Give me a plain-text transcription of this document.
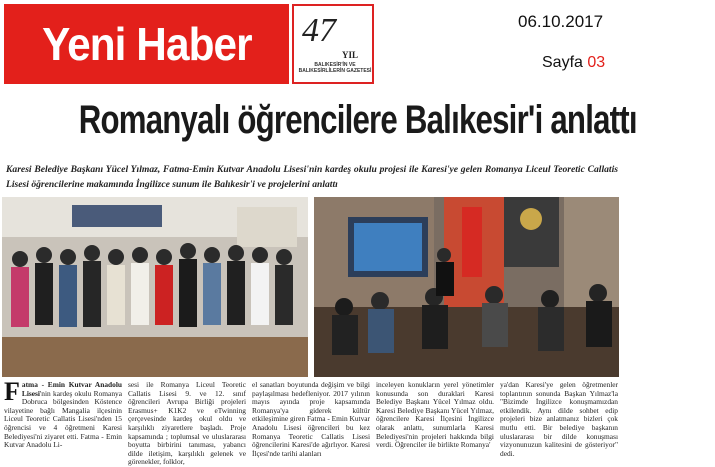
Yeni Haber 47
YIL
BALIKESİR'İN VE BALIKESİRLİLERİN GAZETESİ
06.10.2017
Sayfa 03
Romanyalı öğrencilere Balıkesir'i anlattı
Karesi Belediye Başkanı Yücel Yılmaz, Fatma-Emin Kutvar Anadolu Lisesi'nin kardeş okulu projesi ile Karesi'ye gelen Romanya Liceul Teoretic Callatis Lisesi öğrencilerine makamında İngilizce sunum ile Balıkesir'i ve projelerini anlattı
Fatma - Emin Kutvar Anadolu Lisesi'nin kardeş okulu Romanya Dobruca bölgesinden Köstence vilayetine bağlı Mangalia ilçesinin Liceul Teoretic Callatis Lisesi'nden 15 öğrencisi ve 4 öğretmeni Karesi Belediyesi'ni ziyaret etti. Fatma - Emin Kutvar Anadolu Li-
sesi ile Romanya Liceul Teoretic Callatis Lisesi 9. ve 12. sınıf öğrencileri Avrupa Birliği projeleri Erasmus+ K1K2 ve eTwinning çerçevesinde kardeş okul oldu ve karşılıklı ziyaretlere başladı. Proje kapsamında ; toplumsal ve uluslararası boyutta birbirini tanıması, yabancı dilde iletişim, karşılıklı gelenek ve görenekler, folklor,
el sanatları boyutunda değişim ve bilgi paylaşılması hedefleniyor. 2017 yılının mayıs ayında proje kapsamında Romanya'ya giderek kültür etkileşimine giren Fatma - Emin Kutvar Anadolu Lisesi öğrencileri bu kez Romanya Teoretic Callatis Lisesi öğrencilerini Karesi'de ağırlıyor. Karesi İlçesi'nde tarihi alanları
inceleyen konukların yerel yönetimler konusunda son duraklari Karesi Belediye Başkanı Yücel Yılmaz oldu. Karesi Belediye Başkanı Yücel Yılmaz, öğrencilere Karesi İlçesini İngilizce olarak anlattı, sunumlarla Karesi Belediyesi'nin projeleri hakkında bilgi verdi. Öğrenciler ile birlikte Romanya'
ya'dan Karesi'ye gelen öğretmenler toplantının sonunda Başkan Yılmaz'la "Bizimde İngilizce konuşmamızdan etkilendik. Aynı dilde sohbet edip projeleri bize anlatmanız bizleri çok mutlu etti. Bir belediye başkanın uluslararası bir dilde konuşması vizyonunuzun kalitesini de gösteriyor" dedi.
